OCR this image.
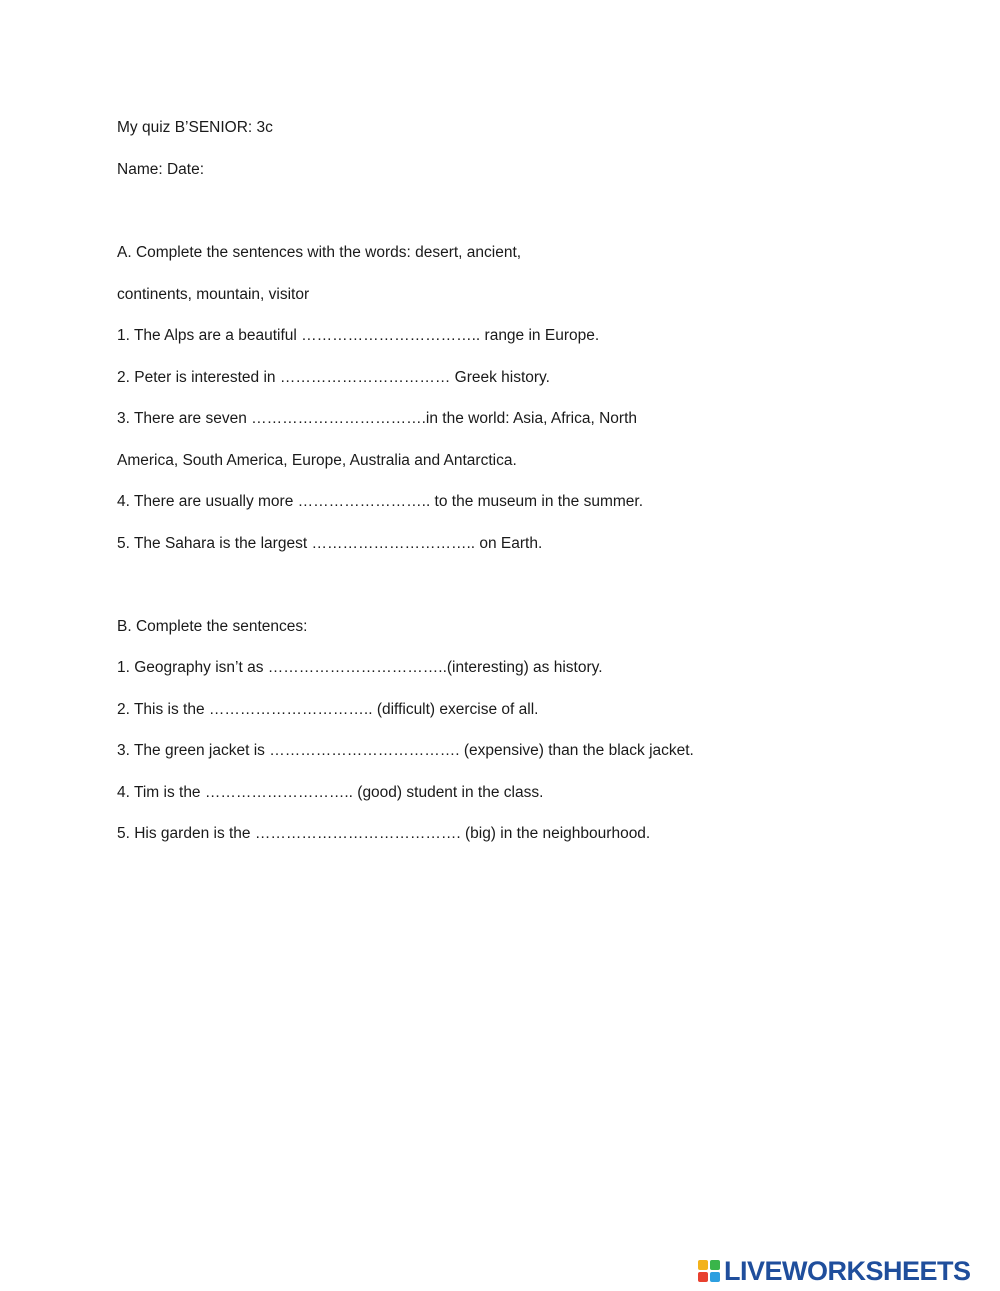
My quiz B’SENIOR: 3c
Name: Date:
A. Complete the sentences with the words: desert, ancient,
continents, mountain, visitor
1. The Alps are a beautiful …………………………….. range in Europe.
2. Peter is interested in …………………………… Greek history.
3. There are seven …………………………….in the world: Asia, Africa, North
America, South America, Europe, Australia and Antarctica.
4. There are usually more …………………….. to the museum in the summer.
5. The Sahara is the largest ………………………….. on Earth.
B. Complete the sentences:
1. Geography isn’t as ……………………………..(interesting) as history.
2. This is the ………………………….. (difficult) exercise of all.
3. The green jacket is ………………………………. (expensive) than the black jacket.
4. Tim is the ……………………….. (good) student in the class.
5. His garden is the …………………………………. (big) in the neighbourhood.
LIVEWORKSHEETS
